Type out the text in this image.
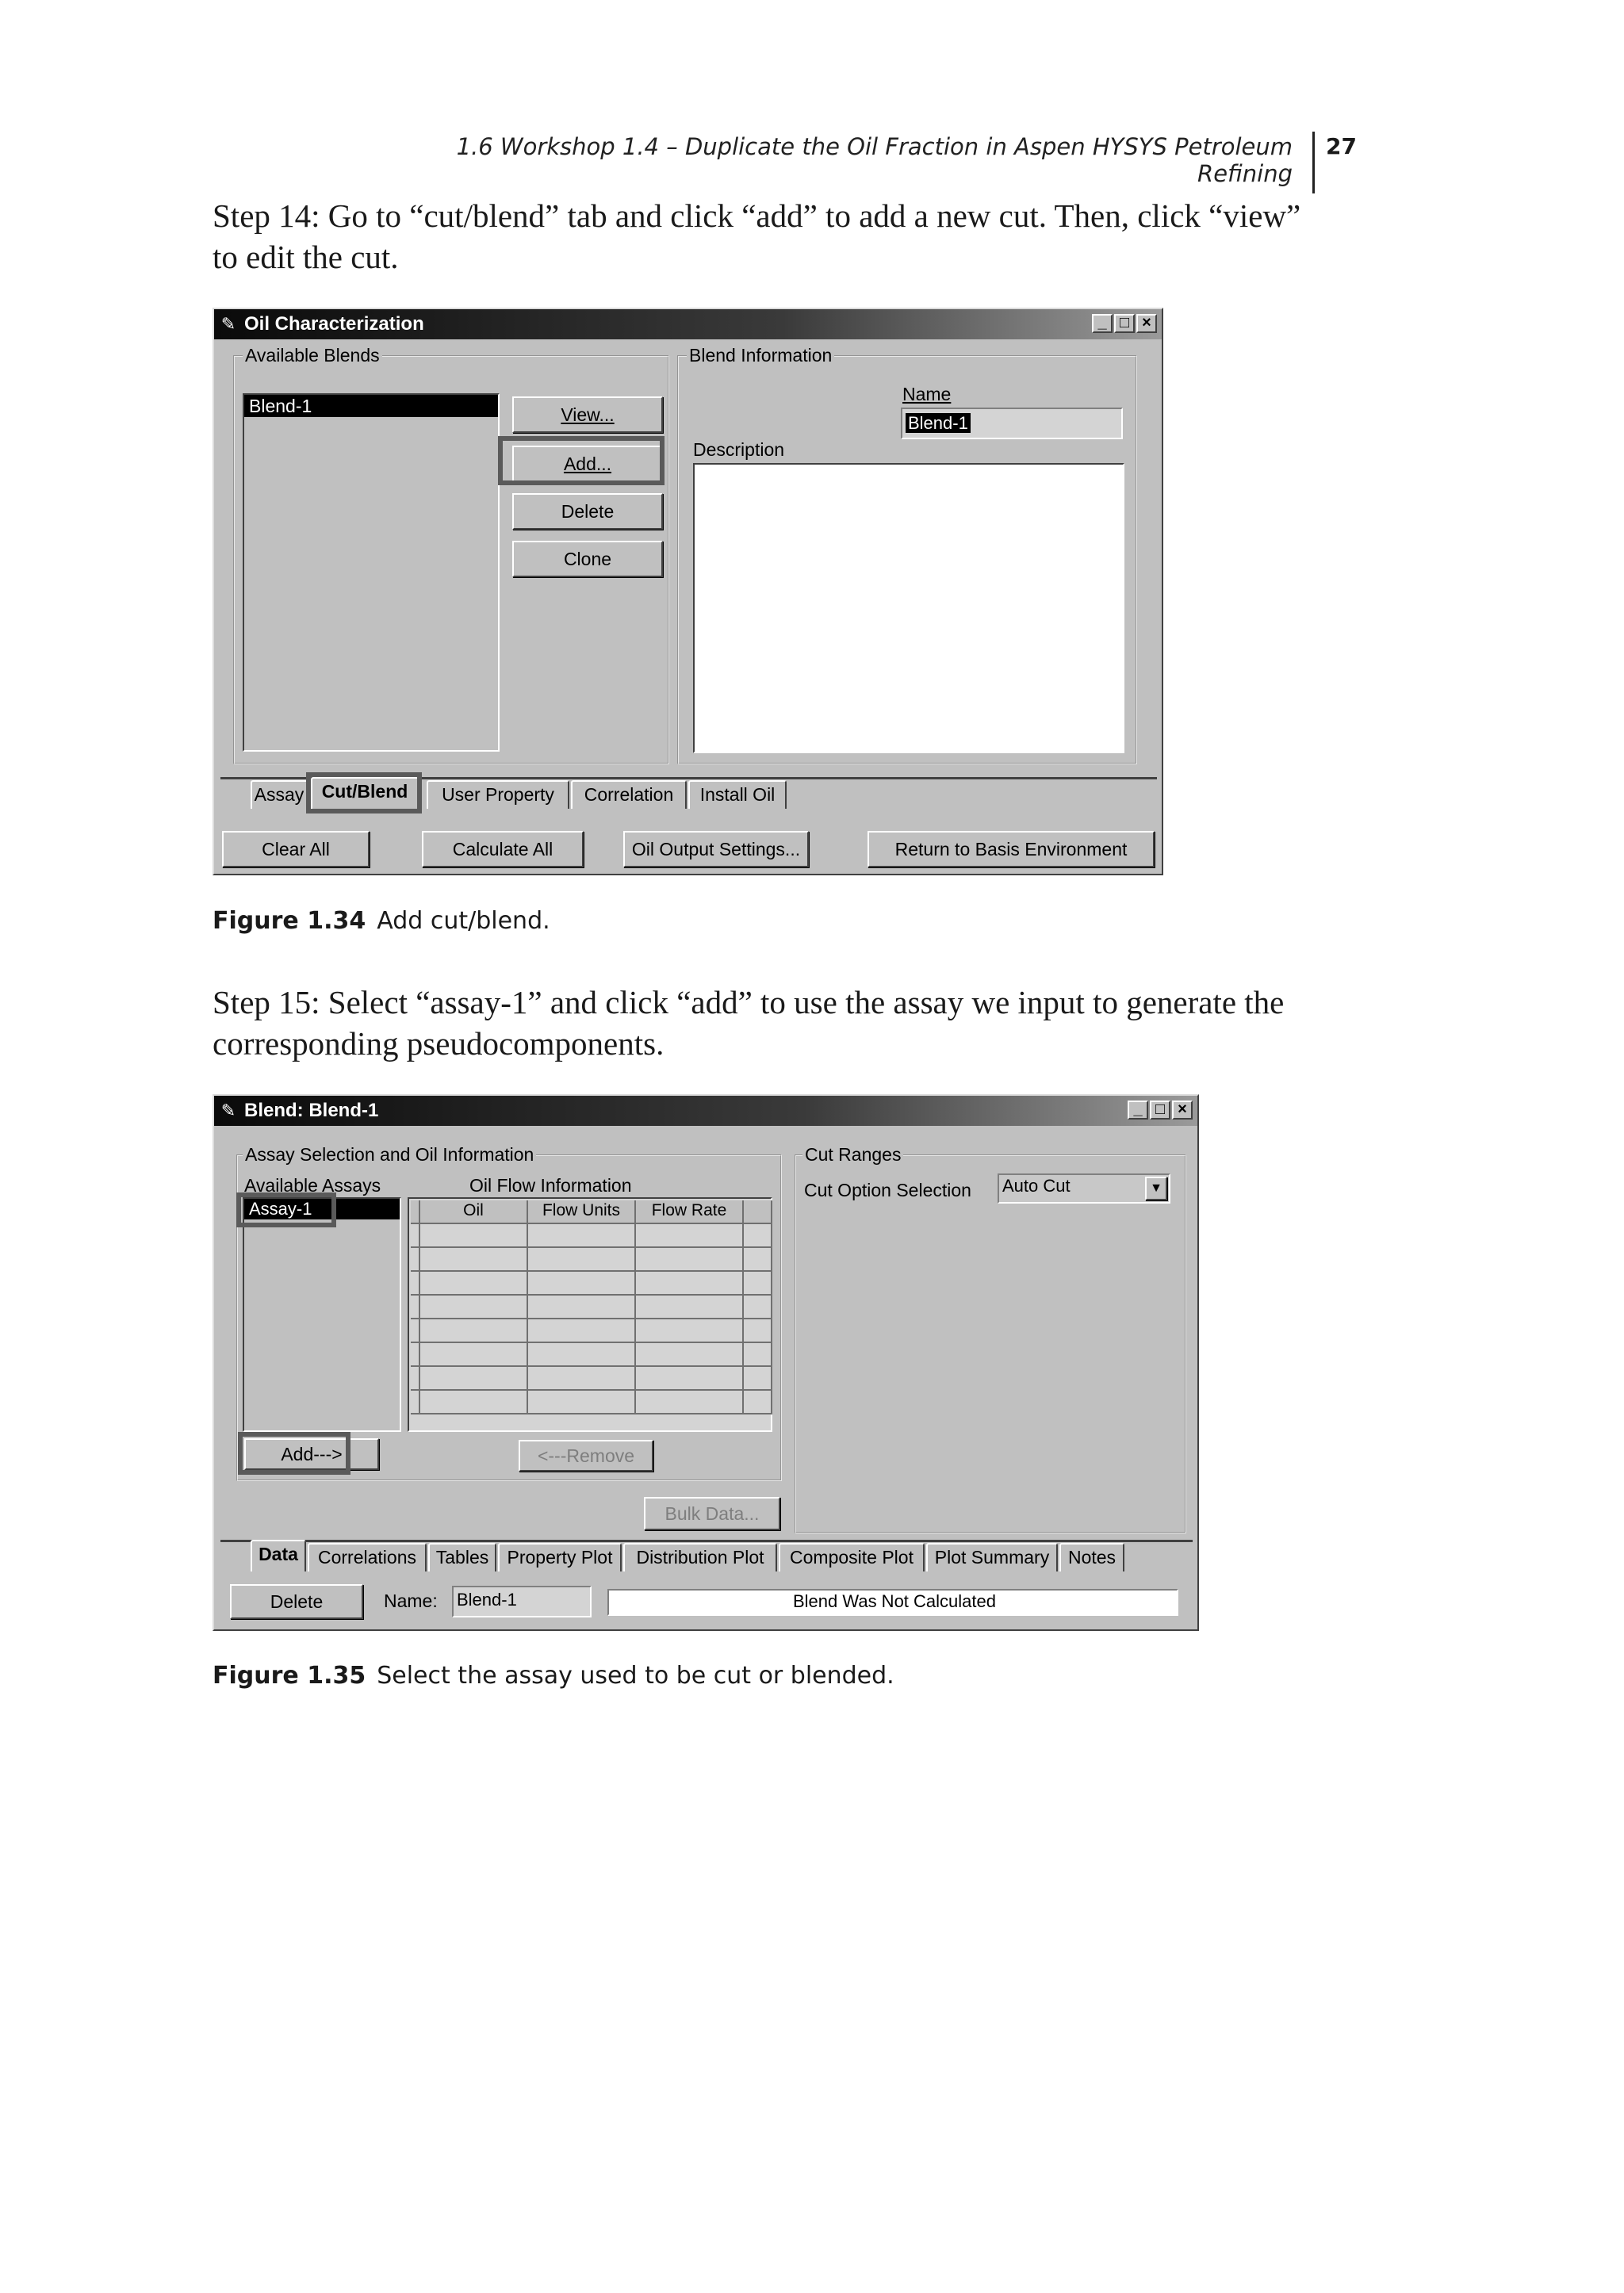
1.6 Workshop 1.4 – Duplicate the Oil Fraction in Aspen HYSYS Petroleum Refining
27
Step 14: Go to “cut/blend” tab and click “add” to add a new cut. Then, click “view” to edit the cut.
✎ Oil Characterization	_ □ ×
Available Blends
Blend-1	View...
Add...
Delete
Clone
Blend Information
Name
Blend-1
Description
Assay Cut/Blend	User Property	Correlation	Install Oil
Clear All	Calculate All	Oil Output Settings...	Return to Basis Environment
Figure 1.34 Add cut/blend.
Step 15: Select “assay-1” and click “add” to use the assay we input to generate the corresponding pseudocomponents.
✎ Blend: Blend-1	_ □ ×
Assay Selection and Oil Information
Available Assays
Assay-1
Oil Flow Information
Add--->	<---Remove
Bulk Data...
Cut Ranges
Cut Option Selection Auto Cut	▼
Data	Correlations	Tables	Property Plot	Distribution Plot	Composite Plot	Plot Summary	Notes
Delete	Name: Blend-1	Blend Was Not Calculated
Oil	Flow Units	Flow Rate
Figure 1.35 Select the assay used to be cut or blended.
